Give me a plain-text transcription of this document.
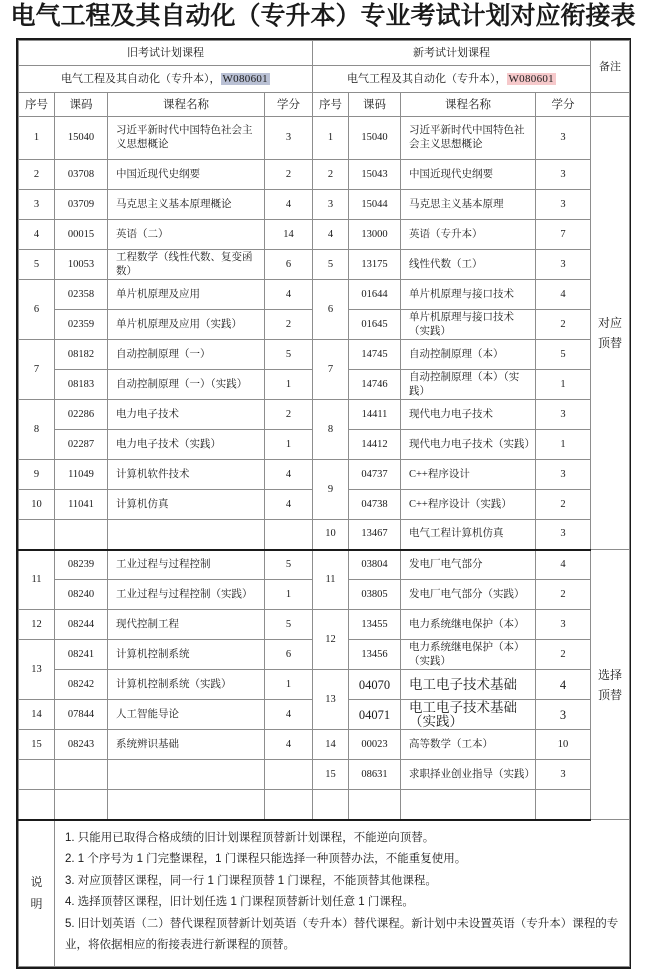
电气工程及其自动化（专升本）专业考试计划对应衔接表
旧考试计划课程				新考试计划课程				备注
电气工程及其自动化（专升本）， W080601				电气工程及其自动化（专升本）， W080601				
序号	课码	课程名称	学分	序号	课码	课程名称	学分	
1	15040	习近平新时代中国特色社会主义思想概论	3	1	15040	习近平新时代中国特色社会主义思想概论	3	对应
顶替
2	03708	中国近现代史纲要	2	2	15043	中国近现代史纲要	3	
3	03709	马克思主义基本原理概论	4	3	15044	马克思主义基本原理	3	
4	00015	英语（二）	14	4	13000	英语（专升本）	7	
5	10053	工程数学（线性代数、复变函数）	6	5	13175	线性代数（工）	3	
6	02358	单片机原理及应用	4	6	01644	单片机原理与接口技术	4	
	02359	单片机原理及应用（实践）	2		01645	单片机原理与接口技术（实践）	2	
7	08182	自动控制原理（一）	5	7	14745	自动控制原理（本）	5	
	08183	自动控制原理（一）（实践）	1		14746	自动控制原理（本）（实践）	1	
8	02286	电力电子技术	2	8	14411	现代电力电子技术	3	
	02287	电力电子技术（实践）	1		14412	现代电力电子技术（实践）	1	
9	11049	计算机软件技术	4	9	04737	C++程序设计	3	
10	11041	计算机仿真	4		04738	C++程序设计（实践）	2	
				10	13467	电气工程计算机仿真	3	
11	08239	工业过程与过程控制	5	11	03804	发电厂电气部分	4	选择
顶替
	08240	工业过程与过程控制（实践）	1		03805	发电厂电气部分（实践）	2	
12	08244	现代控制工程	5	12	13455	电力系统继电保护（本）	3	
13	08241	计算机控制系统	6		13456	电力系统继电保护（本）（实践）	2	
	08242	计算机控制系统（实践）	1	13	04070	电工电子技术基础	4	
14	07844	人工智能导论	4		04071	电工电子技术基础（实践）	3	
15	08243	系统辨识基础	4	14	00023	高等数学（工本）	10	
				15	08631	求职择业创业指导（实践）	3	

说
明	

1. 只能用已取得合格成绩的旧计划课程顶替新计划课程，不能逆向顶替。

2. 1 个序号为 1 门完整课程，1 门课程只能选择一种顶替办法，不能重复使用。

3. 对应顶替区课程，同一行 1 门课程顶替 1 门课程，不能顶替其他课程。

4. 选择顶替区课程，旧计划任选 1 门课程顶替新计划任意 1 门课程。

5. 旧计划英语（二）替代课程顶替新计划英语（专升本）替代课程。新计划中未设置英语（专升本）课程的专业，将依据相应的衔接表进行新课程的顶替。
